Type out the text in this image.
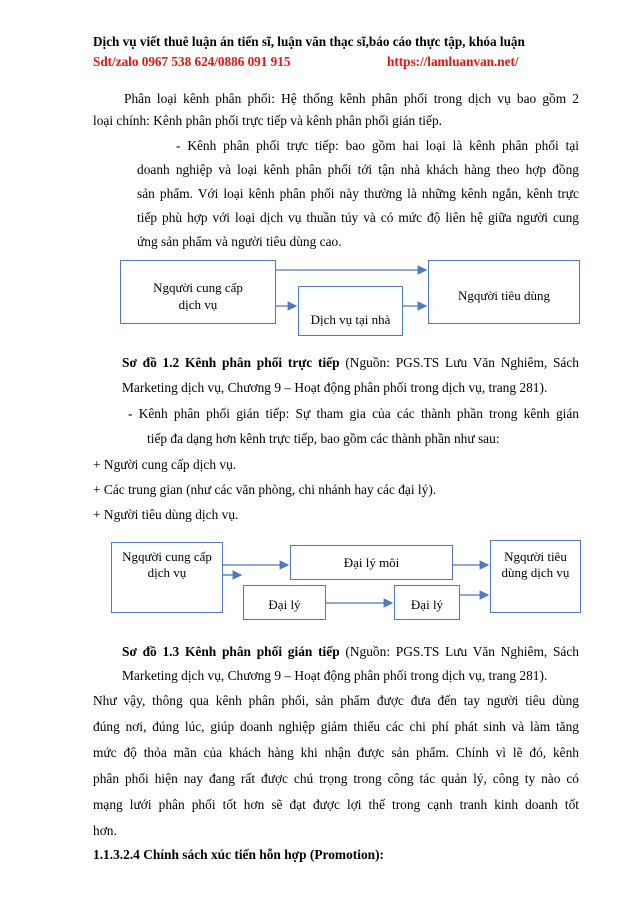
Dịch vụ viết thuê luận án tiến sĩ, luận văn thạc sĩ,báo cáo thực tập, khóa luận
Sdt/zalo 0967 538 624/0886 091 915	https://lamluanvan.net/
Phân loại kênh phân phối: Hệ thống kênh phân phối trong dịch vụ bao gồm 2
loại chính: Kênh phân phối trực tiếp và kênh phân phối gián tiếp.
- Kênh phân phối trực tiếp: bao gồm hai loại là kênh phân phối tại
doanh nghiệp và loại kênh phân phối tới tận nhà khách hàng theo hợp đồng
sản phẩm. Với loại kênh phân phối này thường là những kênh ngắn, kênh trực
tiếp phù hợp với loại dịch vụ thuần túy và có mức độ liên hệ giữa người cung
ứng sản phẩm và người tiêu dùng cao.
Ngqười cung cấp dịch vụ
Dịch vụ tại nhà
Ngqười tiêu dùng
Sơ đồ 1.2 Kênh phân phối trực tiếp (Nguồn: PGS.TS Lưu Văn Nghiêm, Sách
Marketing dịch vụ, Chương 9 – Hoạt động phân phối trong dịch vụ, trang 281).
- Kênh phân phối gián tiếp: Sự tham gia của các thành phần trong kênh gián
tiếp đa dạng hơn kênh trực tiếp, bao gồm các thành phần như sau:
+ Người cung cấp dịch vụ.
+ Các trung gian (như các văn phòng, chi nhánh hay các đại lý).
+ Người tiêu dùng dịch vụ.
Ngqười cung cấp dịch vụ
Đại lý môi
Đại lý	Đại lý
Ngqười tiêu dùng dịch vụ
Sơ đồ 1.3 Kênh phân phối gián tiếp (Nguồn: PGS.TS Lưu Văn Nghiêm, Sách
Marketing dịch vụ, Chương 9 – Hoạt động phân phối trong dịch vụ, trang 281).
Như vậy, thông qua kênh phân phối, sản phẩm được đưa đến tay người tiêu dùng
đúng nơi, đúng lúc, giúp doanh nghiệp giảm thiểu các chi phí phát sinh và làm tăng
mức độ thỏa mãn của khách hàng khi nhận được sản phẩm. Chính vì lẽ đó, kênh
phân phối hiện nay đang rất được chú trọng trong công tác quản lý, công ty nào có
mạng lưới phân phối tốt hơn sẽ đạt được lợi thế trong cạnh tranh kinh doanh tốt
hơn.
1.1.3.2.4 Chính sách xúc tiến hỗn hợp (Promotion):
